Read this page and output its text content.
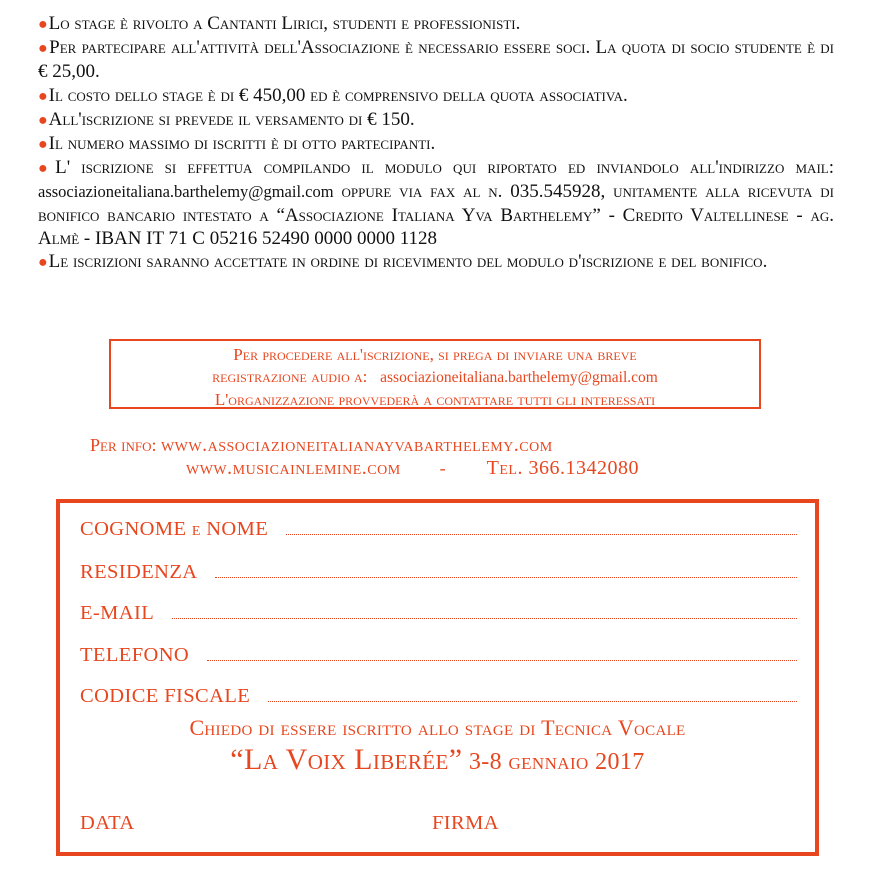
●Lo stage è rivolto a Cantanti Lirici, studenti e professionisti.

●Per partecipare all'attività dell'Associazione è necessario essere soci. La quota di socio studente è di € 25,00.

●Il costo dello stage è di € 450,00 ed è comprensivo della quota associativa.

●All'iscrizione si prevede il versamento di € 150.

●Il numero massimo di iscritti è di otto partecipanti.

●L' iscrizione si effettua compilando il modulo qui riportato ed inviandolo all'indirizzo mail: associazioneitaliana.barthelemy@gmail.com oppure via fax al n. 035.545928, unitamente alla ricevuta di bonifico bancario intestato a “Associazione Italiana Yva Barthelemy” - Credito Valtellinese - ag. Almè - IBAN IT 71 C 05216 52490 0000 0000 1128

●Le iscrizioni saranno accettate in ordine di ricevimento del modulo d'iscrizione e del bonifico.

Per procedere all'iscrizione, si prega di inviare una breve
registrazione audio a: associazioneitaliana.barthelemy@gmail.com
L'organizzazione provvederà a contattare tutti gli interessati
Per info: www.associazioneitalianayvabarthelemy.com
www.musicainlemine.com - Tel. 366.1342080
COGNOME e NOME
RESIDENZA
E-MAIL
TELEFONO
CODICE FISCALE
Chiedo di essere iscritto allo stage di Tecnica Vocale
“La Voix Liberée” 3-8 gennaio 2017
DATA	FIRMA
